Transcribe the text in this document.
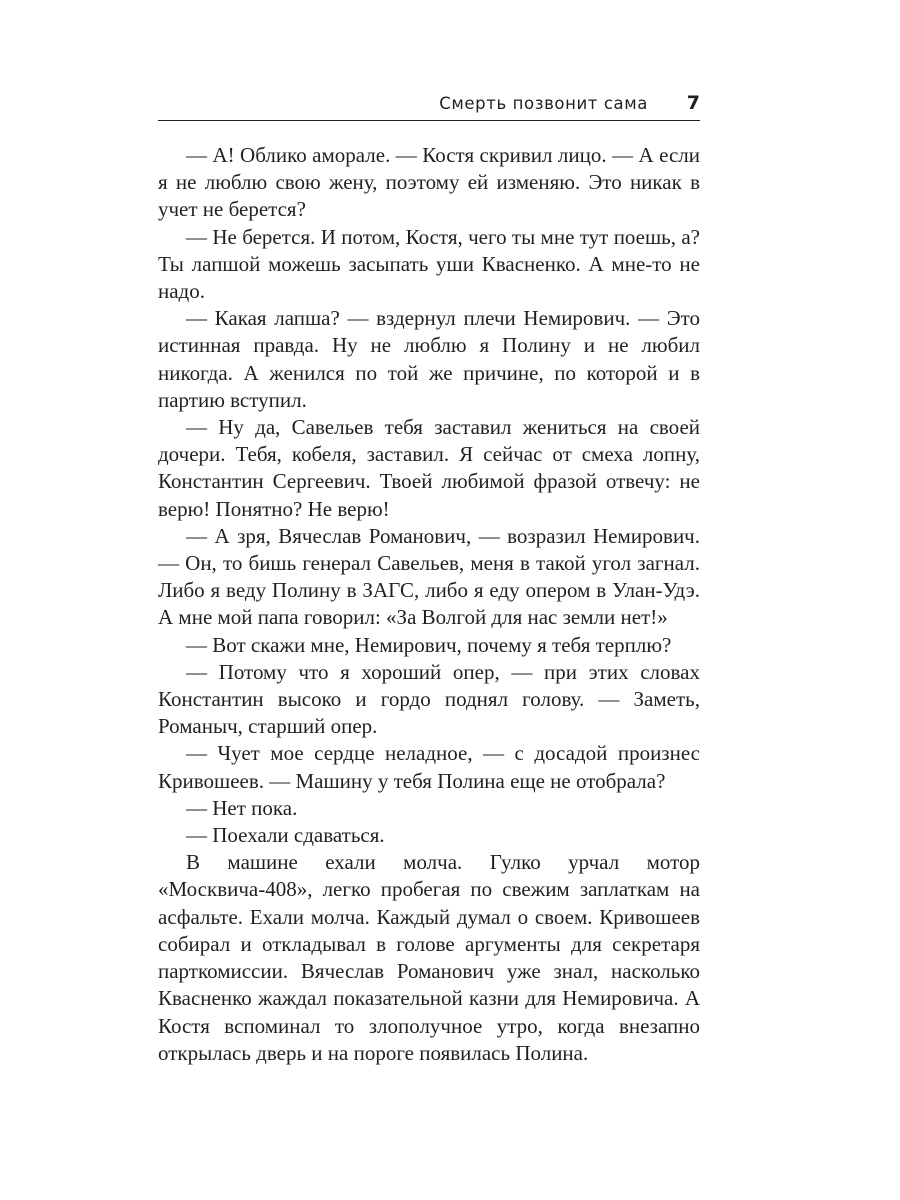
Смерть позвонит сама 7

— А! Облико аморале. — Костя скривил лицо. — А если я не люблю свою жену, поэтому ей изменяю. Это никак в учет не берется?

— Не берется. И потом, Костя, чего ты мне тут поешь, а? Ты лапшой можешь засыпать уши Квасненко. А мне-то не надо.

— Какая лапша? — вздернул плечи Немирович. — Это истинная правда. Ну не люблю я Полину и не любил никогда. А женился по той же причине, по которой и в партию вступил.

— Ну да, Савельев тебя заставил жениться на своей дочери. Тебя, кобеля, заставил. Я сейчас от смеха лопну, Константин Сергеевич. Твоей любимой фразой отвечу: не верю! Понятно? Не верю!

— А зря, Вячеслав Романович, — возразил Немирович. — Он, то бишь генерал Савельев, меня в такой угол загнал. Либо я веду Полину в ЗАГС, либо я еду опером в Улан-Удэ. А мне мой папа говорил: «За Волгой для нас земли нет!»

— Вот скажи мне, Немирович, почему я тебя терплю?

— Потому что я хороший опер, — при этих словах Константин высоко и гордо поднял голову. — Заметь, Романыч, старший опер.

— Чует мое сердце неладное, — с досадой произнес Кривошеев. — Машину у тебя Полина еще не отобрала?

— Нет пока.

— Поехали сдаваться.

В машине ехали молча. Гулко урчал мотор «Москвича-408», легко пробегая по свежим заплаткам на асфальте. Ехали молча. Каждый думал о своем. Кривошеев собирал и откладывал в голове аргументы для секретаря парткомиссии. Вячеслав Романович уже знал, насколько Квасненко жаждал показательной казни для Немировича. А Костя вспоминал то злополучное утро, когда внезапно открылась дверь и на пороге появилась Полина.
